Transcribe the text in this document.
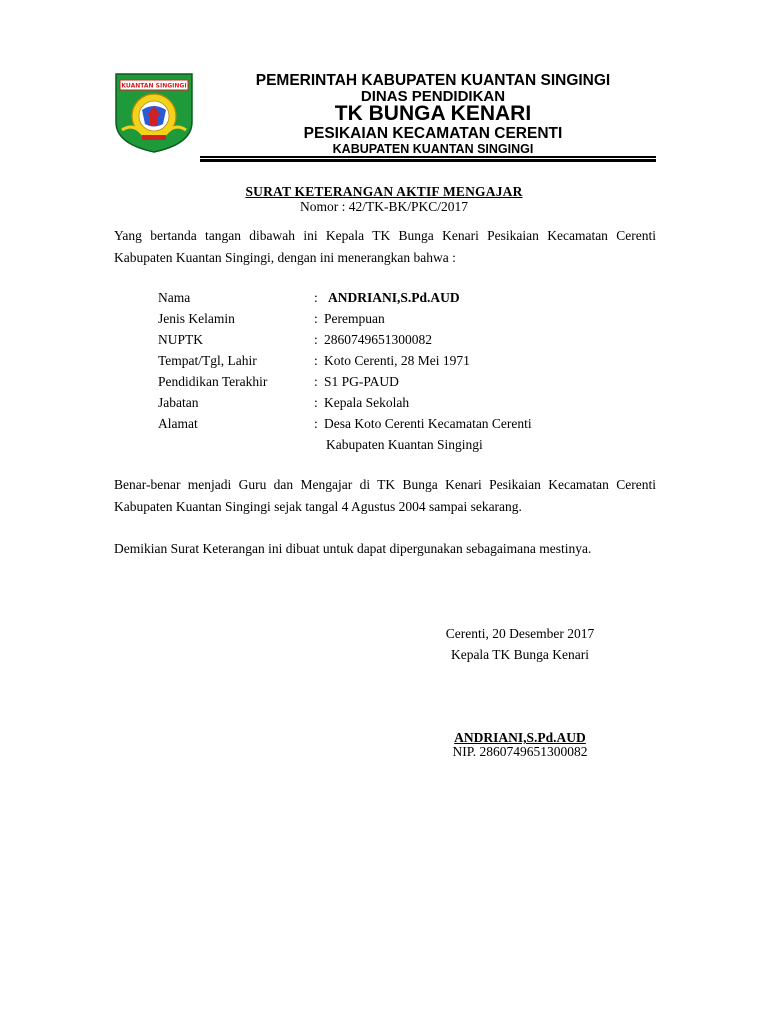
KUANTAN SINGINGI	PEMERINTAH KABUPATEN KUANTAN SINGINGI
DINAS PENDIDIKAN
TK BUNGA KENARI
PESIKAIAN KECAMATAN CERENTI
KABUPATEN KUANTAN SINGINGI
SURAT KETERANGAN AKTIF MENGAJAR
Nomor : 42/TK-BK/PKC/2017
Yang bertanda tangan dibawah ini Kepala TK Bunga Kenari Pesikaian Kecamatan Cerenti Kabupaten Kuantan Singingi, dengan ini menerangkan bahwa :
Nama	: ANDRIANI,S.Pd.AUD
Jenis Kelamin	: Perempuan
NUPTK	: 2860749651300082
Tempat/Tgl, Lahir	: Koto Cerenti, 28 Mei 1971
Pendidikan Terakhir	: S1 PG-PAUD
Jabatan	: Kepala Sekolah
Alamat	: Desa Koto Cerenti Kecamatan Cerenti
Kabupaten Kuantan Singingi
Benar-benar menjadi Guru dan Mengajar di TK Bunga Kenari Pesikaian Kecamatan Cerenti Kabupaten Kuantan Singingi sejak tangal 4 Agustus 2004 sampai sekarang.
Demikian Surat Keterangan ini dibuat untuk dapat dipergunakan sebagaimana mestinya.
Cerenti, 20 Desember 2017
Kepala TK Bunga Kenari
ANDRIANI,S.Pd.AUD
NIP. 2860749651300082
